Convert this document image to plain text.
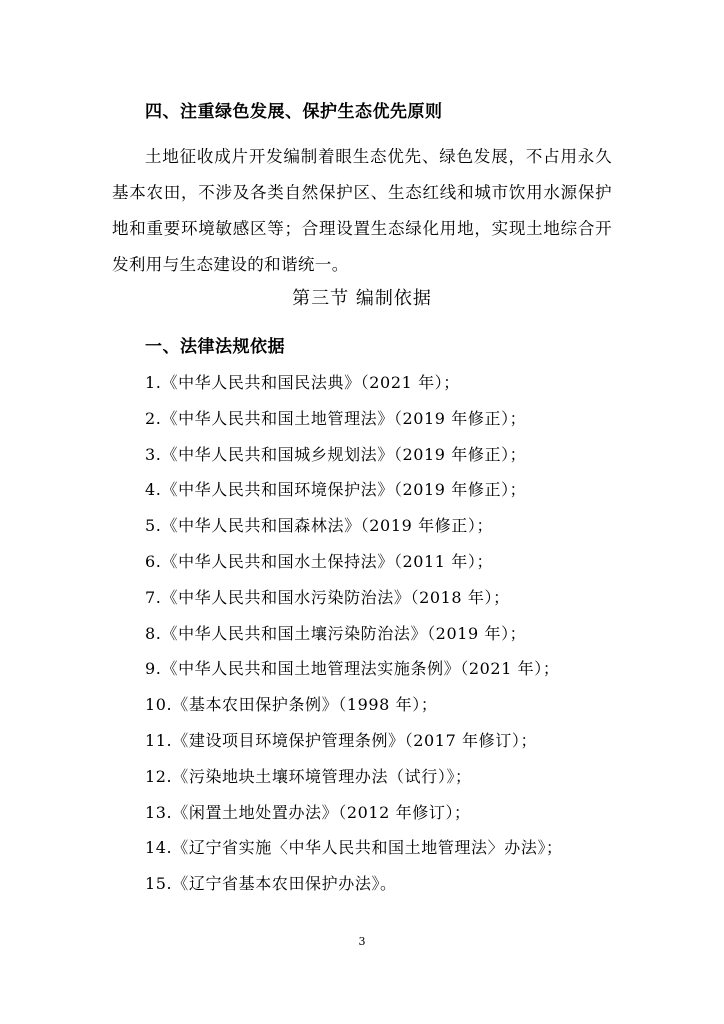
四、注重绿色发展、保护生态优先原则
土地征收成片开发编制着眼生态优先、绿色发展，不占用永久基本农田，不涉及各类自然保护区、生态红线和城市饮用水源保护地和重要环境敏感区等；合理设置生态绿化用地，实现土地综合开发利用与生态建设的和谐统一。
第三节 编制依据
一、法律法规依据
1.《中华人民共和国民法典》（2021 年）；
2.《中华人民共和国土地管理法》（2019 年修正）；
3.《中华人民共和国城乡规划法》（2019 年修正）；
4.《中华人民共和国环境保护法》（2019 年修正）；
5.《中华人民共和国森林法》（2019 年修正）；
6.《中华人民共和国水土保持法》（2011 年）；
7.《中华人民共和国水污染防治法》（2018 年）；
8.《中华人民共和国土壤污染防治法》（2019 年）；
9.《中华人民共和国土地管理法实施条例》（2021 年）；
10.《基本农田保护条例》（1998 年）；
11.《建设项目环境保护管理条例》（2017 年修订）；
12.《污染地块土壤环境管理办法（试行）》；
13.《闲置土地处置办法》（2012 年修订）；
14.《辽宁省实施〈中华人民共和国土地管理法〉办法》；
15.《辽宁省基本农田保护办法》。
3
